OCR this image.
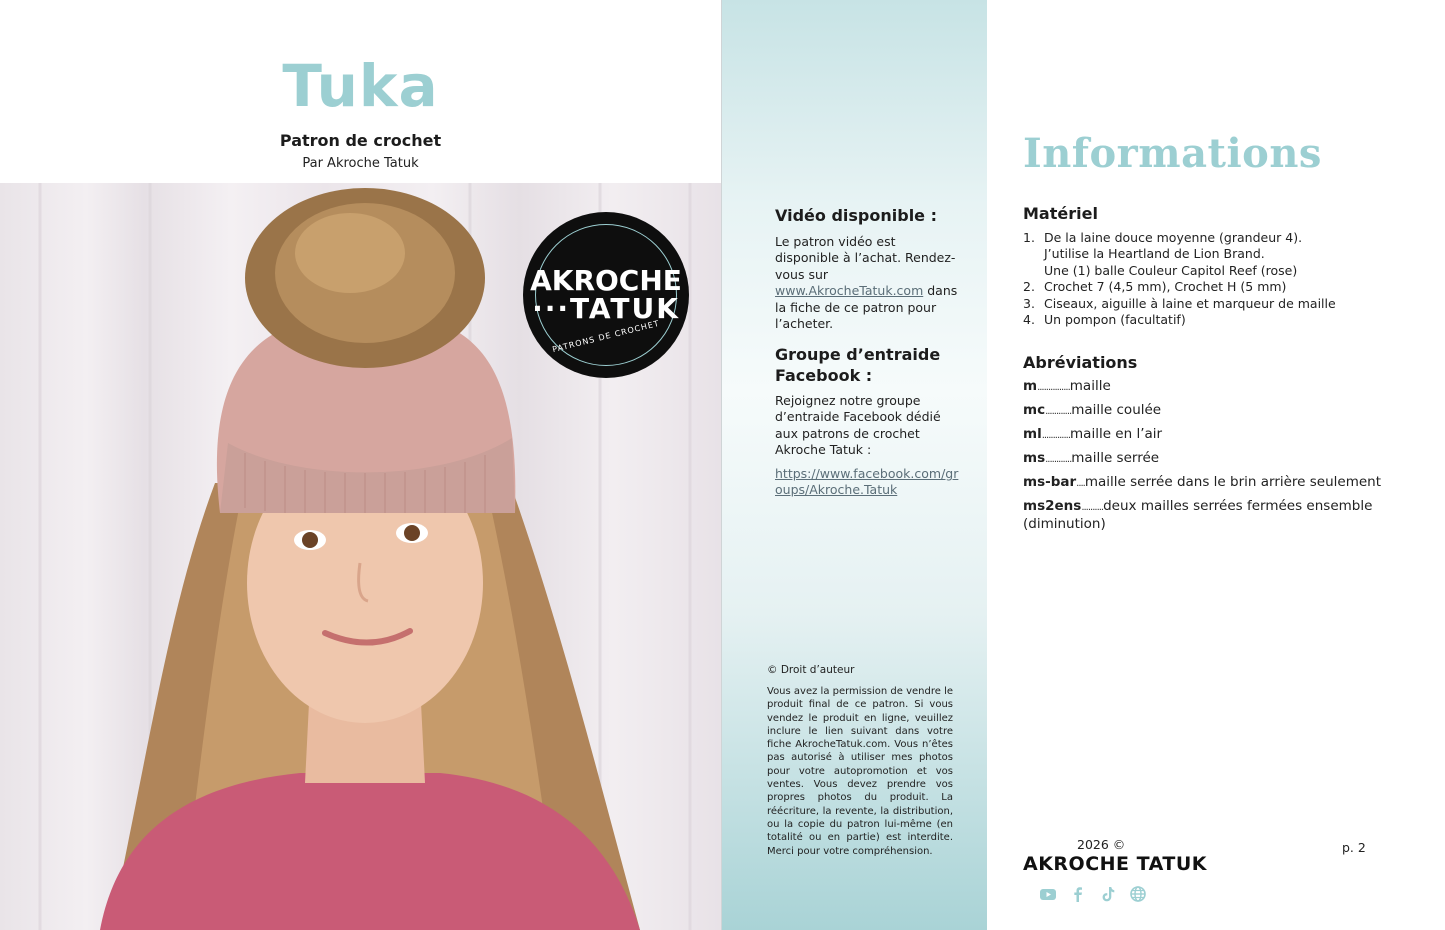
Tuka
Patron de crochet
Par Akroche Tatuk
AKROCHE
···TATUK
PATRONS DE CROCHET
Vidéo disponible :
Le patron vidéo est disponible à l’achat. Rendez-vous sur www.AkrocheTatuk.com dans la fiche de ce patron pour l’acheter.
Groupe d’entraide Facebook :
Rejoignez notre groupe d’entraide Facebook dédié aux patrons de crochet Akroche Tatuk :
https://www.facebook.com/groups/Akroche.Tatuk
© Droit d’auteur
Vous avez la permission de vendre le produit final de ce patron. Si vous vendez le produit en ligne, veuillez inclure le lien suivant dans votre fiche AkrocheTatuk.com. Vous n’êtes pas autorisé à utiliser mes photos pour votre autopromotion et vos ventes. Vous devez prendre vos propres photos du produit. La réécriture, la revente, la distribution, ou la copie du patron lui-même (en totalité ou en partie) est interdite. Merci pour votre compréhension.
Informations
Matériel
1. De la laine douce moyenne (grandeur 4).
J’utilise la Heartland de Lion Brand.
Une (1) balle Couleur Capitol Reef (rose)
2. Crochet 7 (4,5 mm), Crochet H (5 mm)
3. Ciseaux, aiguille à laine et marqueur de maille
4. Un pompon (facultatif)
Abréviations
m ............... maille
mc ............ maille coulée
ml ............. maille en l’air
ms ............ maille serrée
ms-bar .... maille serrée dans le brin arrière seulement
ms2ens..........deux mailles serrées fermées ensemble (diminution)
2026 ©
AKROCHE TATUK
p. 2
